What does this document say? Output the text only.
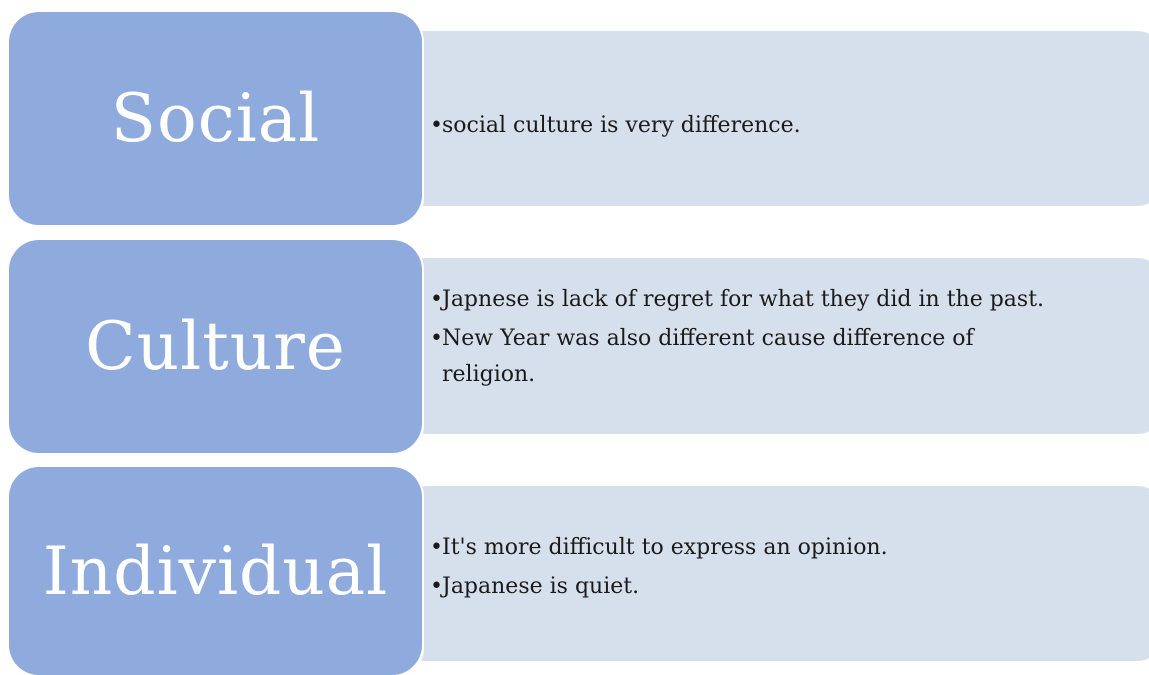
Social	• social culture is very difference.
Culture
• Japnese is lack of regret for what they did in the past.
• New Year was also different cause difference of religion.
Individual	• It's more difficult to express an opinion.
• Japanese is quiet.
